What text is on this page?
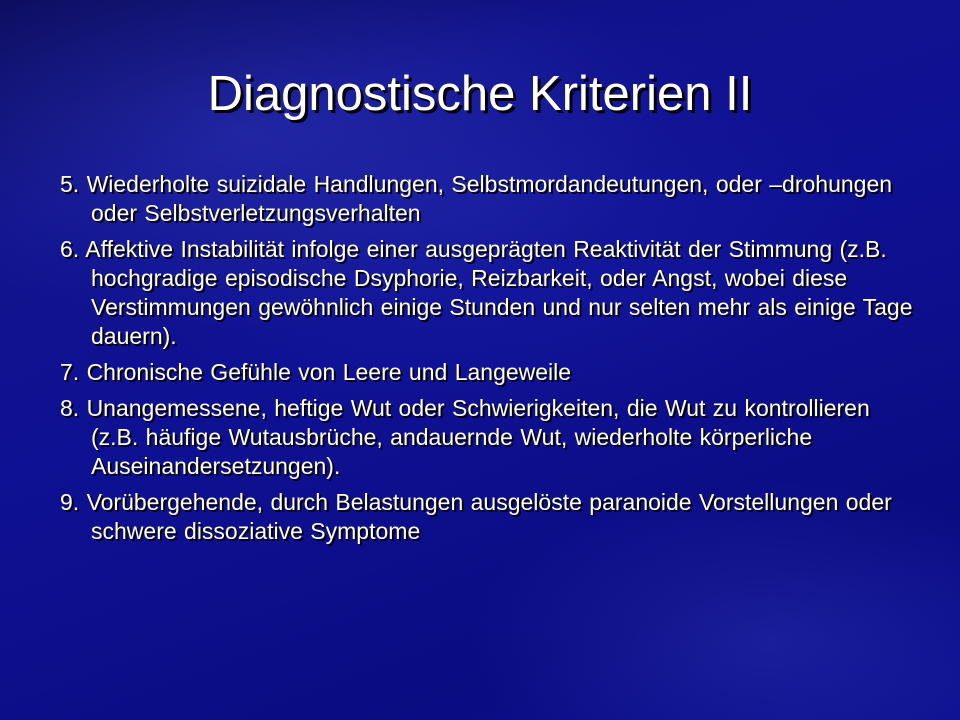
Diagnostische Kriterien II
5. Wiederholte suizidale Handlungen, Selbstmordandeutungen, oder –drohungen oder Selbstverletzungsverhalten
6. Affektive Instabilität infolge einer ausgeprägten Reaktivität der Stimmung (z.B. hochgradige episodische Dsyphorie, Reizbarkeit, oder Angst, wobei diese Verstimmungen gewöhnlich einige Stunden und nur selten mehr als einige Tage dauern).
7. Chronische Gefühle von Leere und Langeweile
8. Unangemessene, heftige Wut oder Schwierigkeiten, die Wut zu kontrollieren (z.B. häufige Wutausbrüche, andauernde Wut, wiederholte körperliche Auseinandersetzungen).
9. Vorübergehende, durch Belastungen ausgelöste paranoide Vorstellungen oder schwere dissoziative Symptome
